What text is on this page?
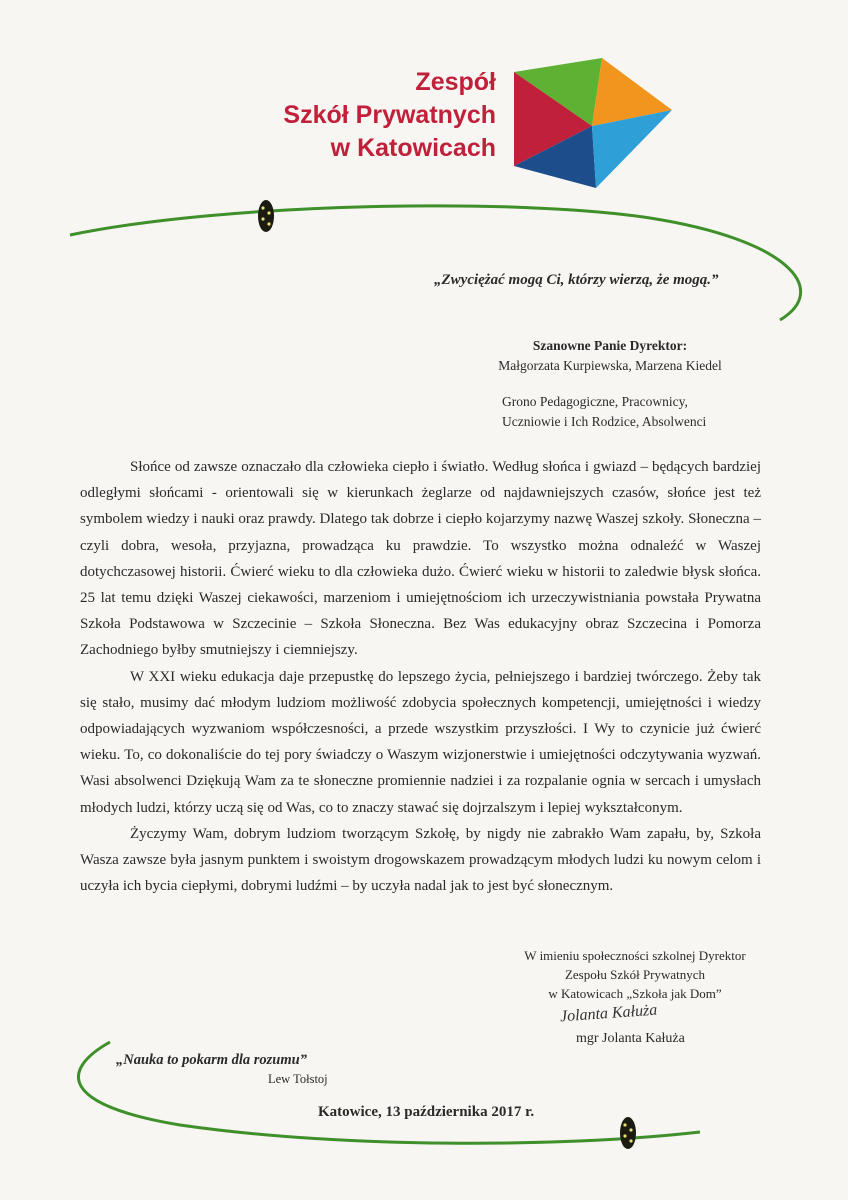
Zespół
Szkół Prywatnych
w Katowicach
„Zwyciężać mogą Ci, którzy wierzą, że mogą.”
Szanowne Panie Dyrektor:
Małgorzata Kurpiewska, Marzena Kiedel
Grono Pedagogiczne, Pracownicy,
Uczniowie i Ich Rodzice, Absolwenci

Słońce od zawsze oznaczało dla człowieka ciepło i światło. Według słońca i gwiazd – będących bardziej odległymi słońcami - orientowali się w kierunkach żeglarze od najdawniejszych czasów, słońce jest też symbolem wiedzy i nauki oraz prawdy. Dlatego tak dobrze i ciepło kojarzymy nazwę Waszej szkoły. Słoneczna – czyli dobra, wesoła, przyjazna, prowadząca ku prawdzie. To wszystko można odnaleźć w Waszej dotychczasowej historii. Ćwierć wieku to dla człowieka dużo. Ćwierć wieku w historii to zaledwie błysk słońca. 25 lat temu dzięki Waszej ciekawości, marzeniom i umiejętnościom ich urzeczywistniania powstała Prywatna Szkoła Podstawowa w Szczecinie – Szkoła Słoneczna. Bez Was edukacyjny obraz Szczecina i Pomorza Zachodniego byłby smutniejszy i ciemniejszy.

W XXI wieku edukacja daje przepustkę do lepszego życia, pełniejszego i bardziej twórczego. Żeby tak się stało, musimy dać młodym ludziom możliwość zdobycia społecznych kompetencji, umiejętności i wiedzy odpowiadających wyzwaniom współczesności, a przede wszystkim przyszłości. I Wy to czynicie już ćwierć wieku. To, co dokonaliście do tej pory świadczy o Waszym wizjonerstwie i umiejętności odczytywania wyzwań. Wasi absolwenci Dziękują Wam za te słoneczne promiennie nadziei i za rozpalanie ognia w sercach i umysłach młodych ludzi, którzy uczą się od Was, co to znaczy stawać się dojrzalszym i lepiej wykształconym.

Życzymy Wam, dobrym ludziom tworzącym Szkołę, by nigdy nie zabrakło Wam zapału, by, Szkoła Wasza zawsze była jasnym punktem i swoistym drogowskazem prowadzącym młodych ludzi ku nowym celom i uczyła ich bycia ciepłymi, dobrymi ludźmi – by uczyła nadal jak to jest być słonecznym.

W imieniu społeczności szkolnej Dyrektor
Zespołu Szkół Prywatnych
w Katowicach „Szkoła jak Dom”
Jolanta Kałuża
mgr Jolanta Kałuża
„Nauka to pokarm dla rozumu”
Lew Tołstoj
Katowice, 13 października 2017 r.
